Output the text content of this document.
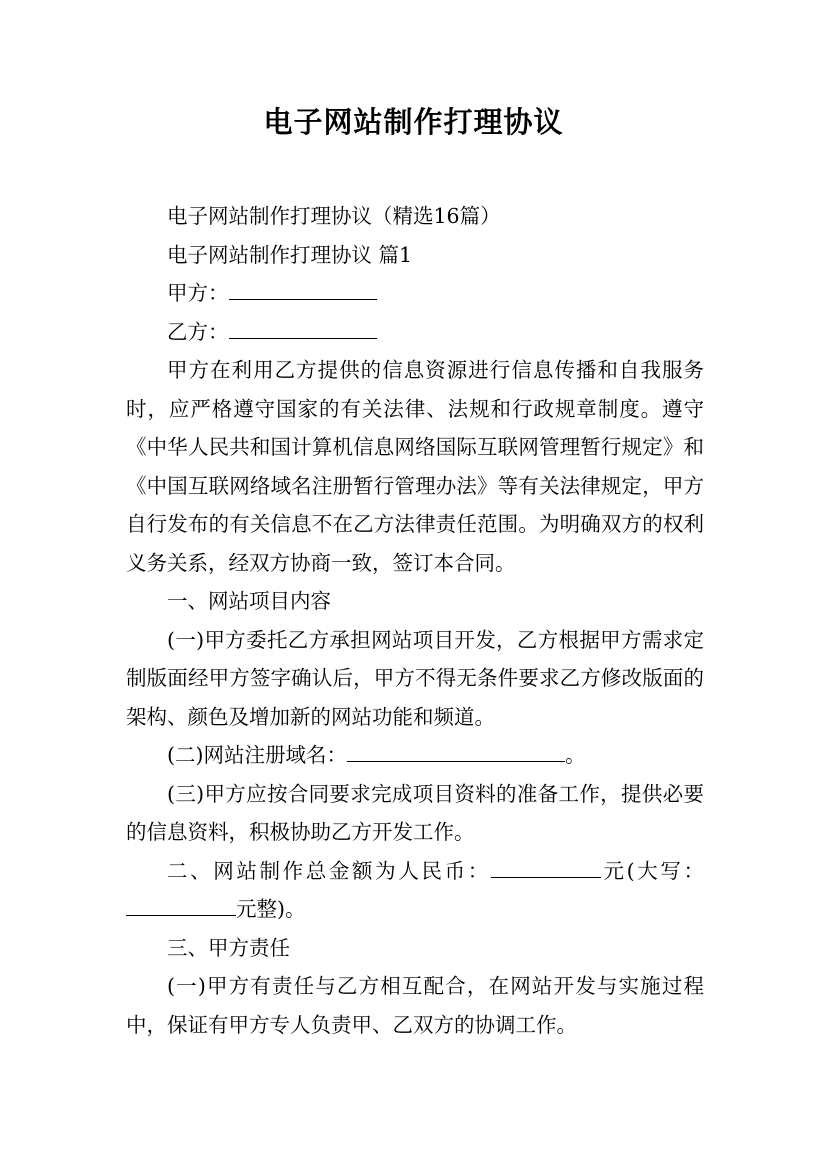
电子网站制作打理协议

电子网站制作打理协议（精选16篇）

电子网站制作打理协议 篇1

甲方：

乙方：

甲方在利用乙方提供的信息资源进行信息传播和自我服务时，应严格遵守国家的有关法律、法规和行政规章制度。遵守《中华人民共和国计算机信息网络国际互联网管理暂行规定》和《中国互联网络域名注册暂行管理办法》等有关法律规定，甲方自行发布的有关信息不在乙方法律责任范围。为明确双方的权利义务关系，经双方协商一致，签订本合同。

一、网站项目内容

(一)甲方委托乙方承担网站项目开发，乙方根据甲方需求定制版面经甲方签字确认后，甲方不得无条件要求乙方修改版面的架构、颜色及增加新的网站功能和频道。

(二)网站注册域名：	。

(三)甲方应按合同要求完成项目资料的准备工作，提供必要的信息资料，积极协助乙方开发工作。

二、网站制作总金额为人民币：	元(大写：元整)。

三、甲方责任

(一)甲方有责任与乙方相互配合，在网站开发与实施过程中，保证有甲方专人负责甲、乙双方的协调工作。
